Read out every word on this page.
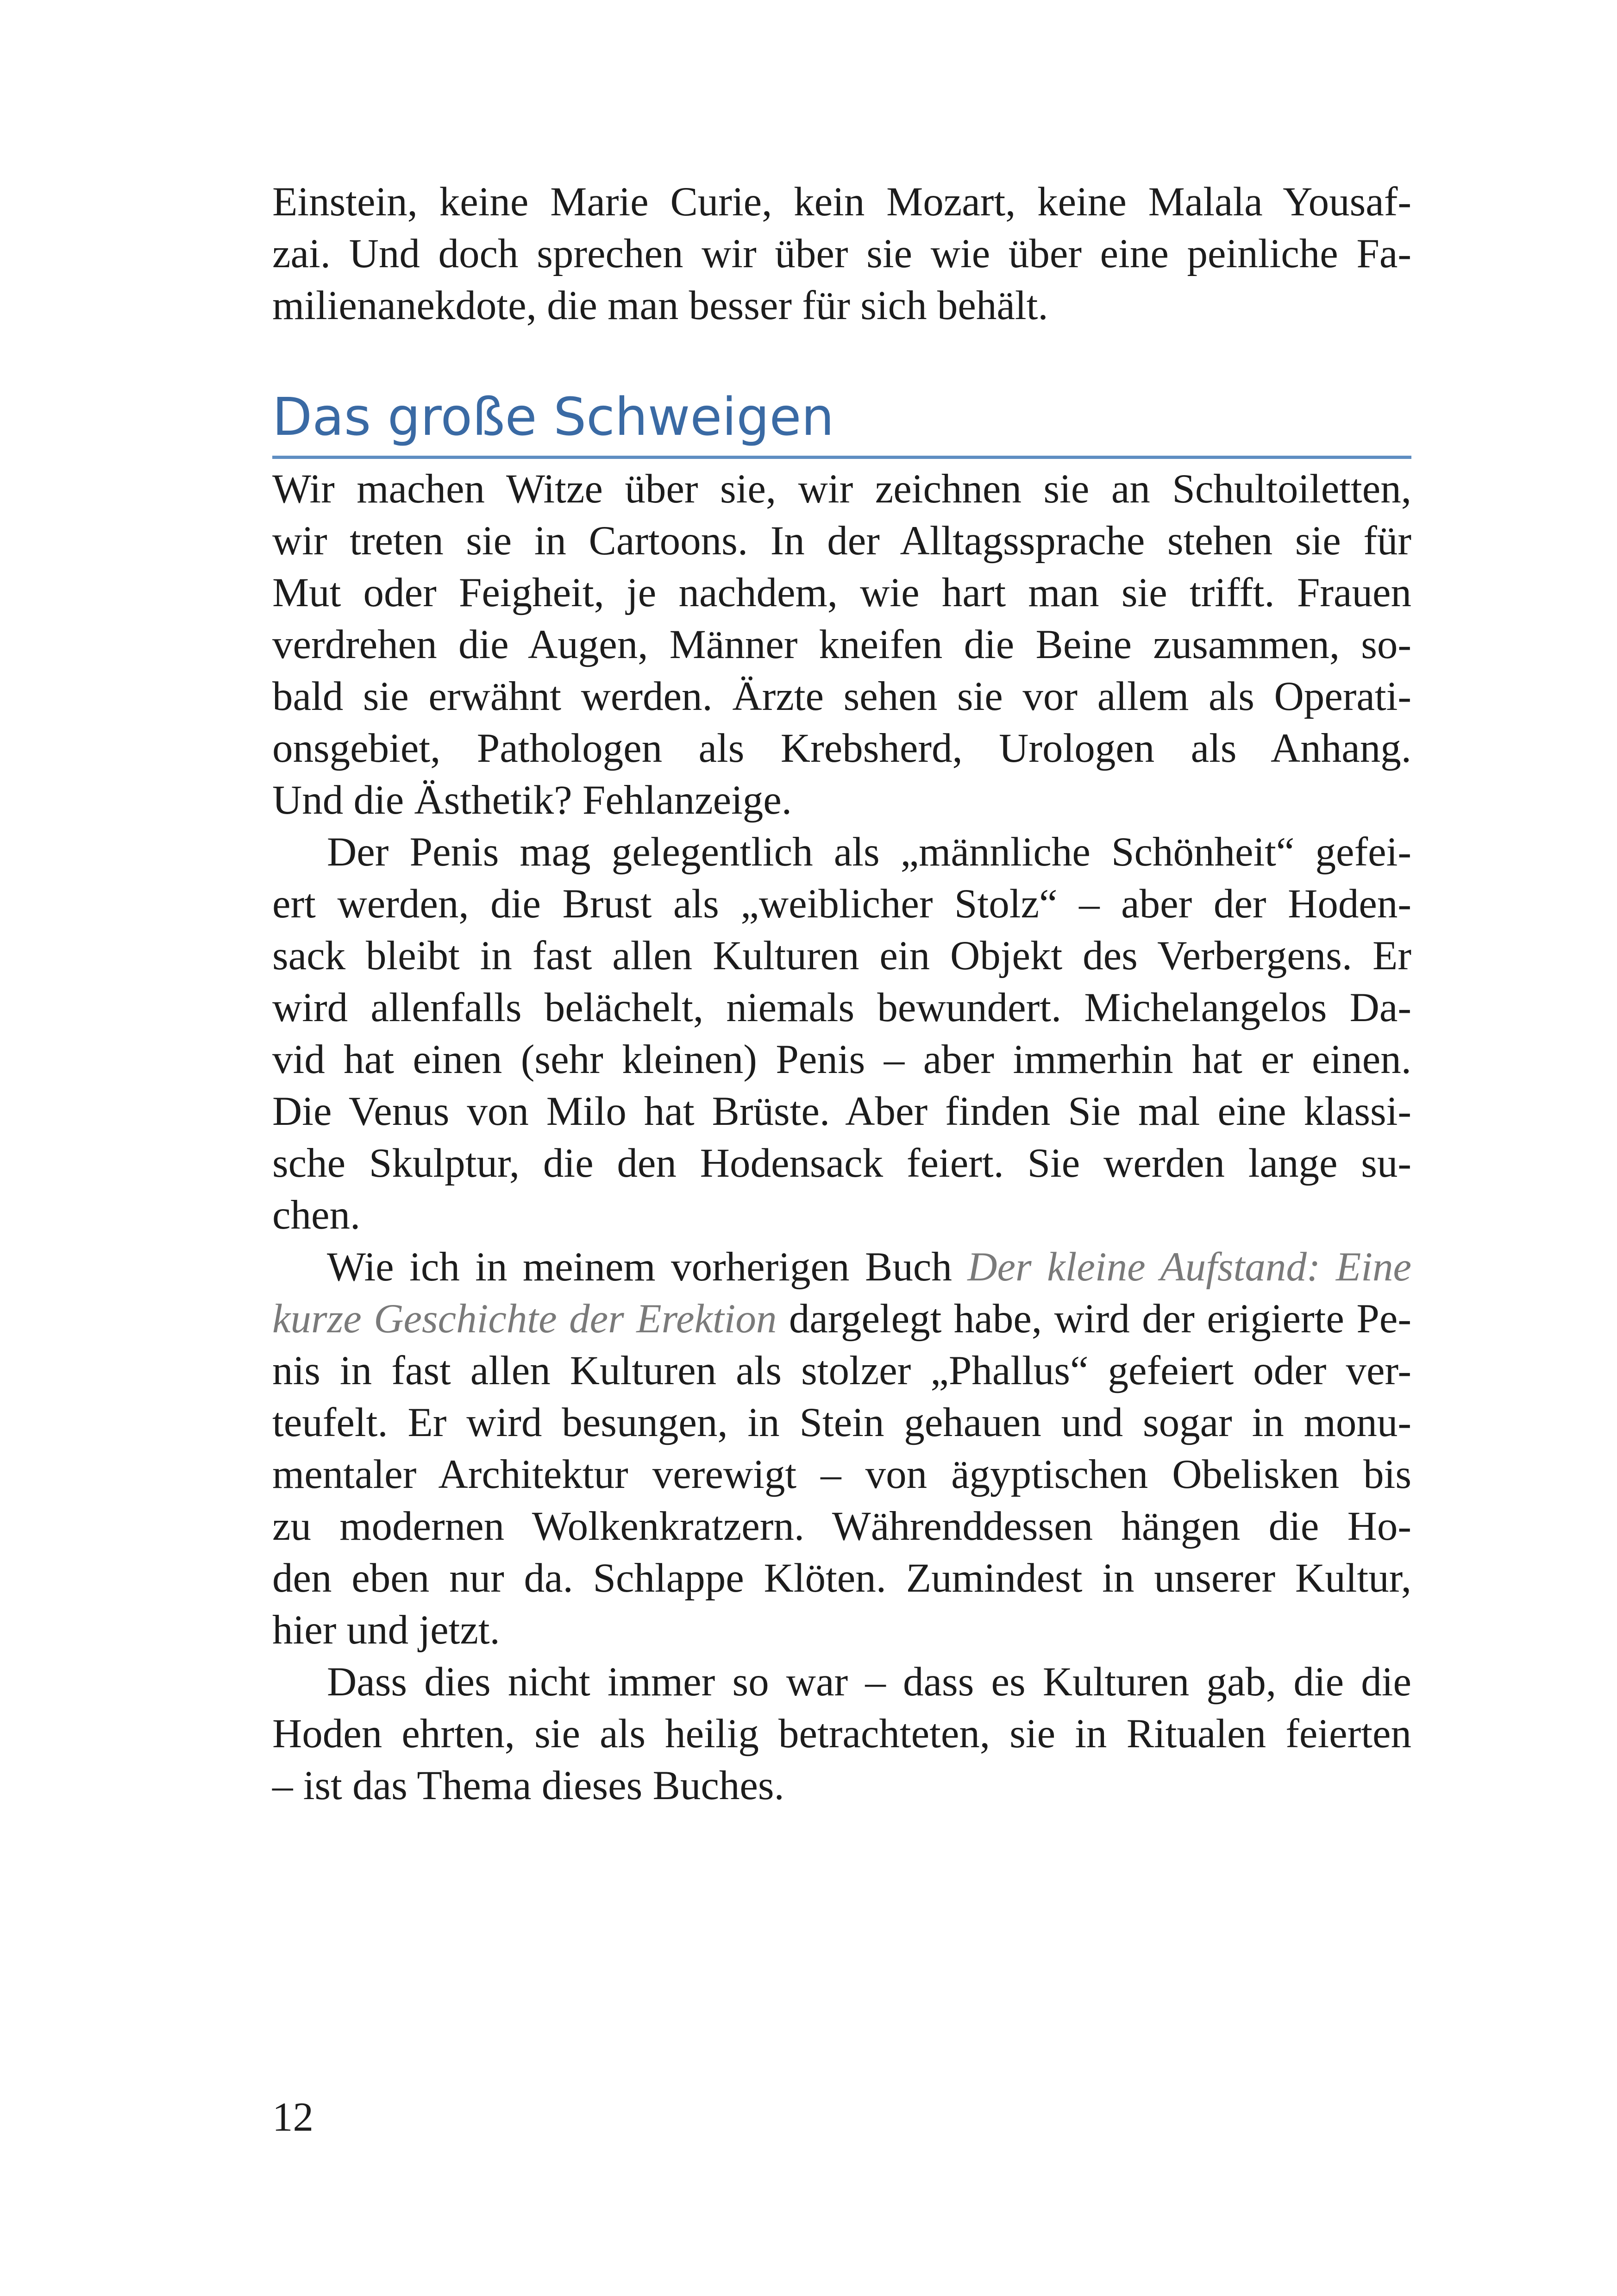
Einstein, keine Marie Curie, kein Mozart, keine Malala Yousaf-
zai. Und doch sprechen wir über sie wie über eine peinliche Fa-
milienanekdote, die man besser für sich behält.
Das große Schweigen
Wir machen Witze über sie, wir zeichnen sie an Schultoiletten,
wir treten sie in Cartoons. In der Alltagssprache stehen sie für
Mut oder Feigheit, je nachdem, wie hart man sie trifft. Frauen
verdrehen die Augen, Männer kneifen die Beine zusammen, so-
bald sie erwähnt werden. Ärzte sehen sie vor allem als Operati-
onsgebiet, Pathologen als Krebsherd, Urologen als Anhang.
Und die Ästhetik? Fehlanzeige.
Der Penis mag gelegentlich als „männliche Schönheit“ gefei-
ert werden, die Brust als „weiblicher Stolz“ – aber der Hoden-
sack bleibt in fast allen Kulturen ein Objekt des Verbergens. Er
wird allenfalls belächelt, niemals bewundert. Michelangelos Da-
vid hat einen (sehr kleinen) Penis – aber immerhin hat er einen.
Die Venus von Milo hat Brüste. Aber finden Sie mal eine klassi-
sche Skulptur, die den Hodensack feiert. Sie werden lange su-
chen.
Wie ich in meinem vorherigen Buch Der kleine Aufstand: Eine
kurze Geschichte der Erektion dargelegt habe, wird der erigierte Pe-
nis in fast allen Kulturen als stolzer „Phallus“ gefeiert oder ver-
teufelt. Er wird besungen, in Stein gehauen und sogar in monu-
mentaler Architektur verewigt – von ägyptischen Obelisken bis
zu modernen Wolkenkratzern. Währenddessen hängen die Ho-
den eben nur da. Schlappe Klöten. Zumindest in unserer Kultur,
hier und jetzt.
Dass dies nicht immer so war – dass es Kulturen gab, die die
Hoden ehrten, sie als heilig betrachteten, sie in Ritualen feierten
– ist das Thema dieses Buches.
12
